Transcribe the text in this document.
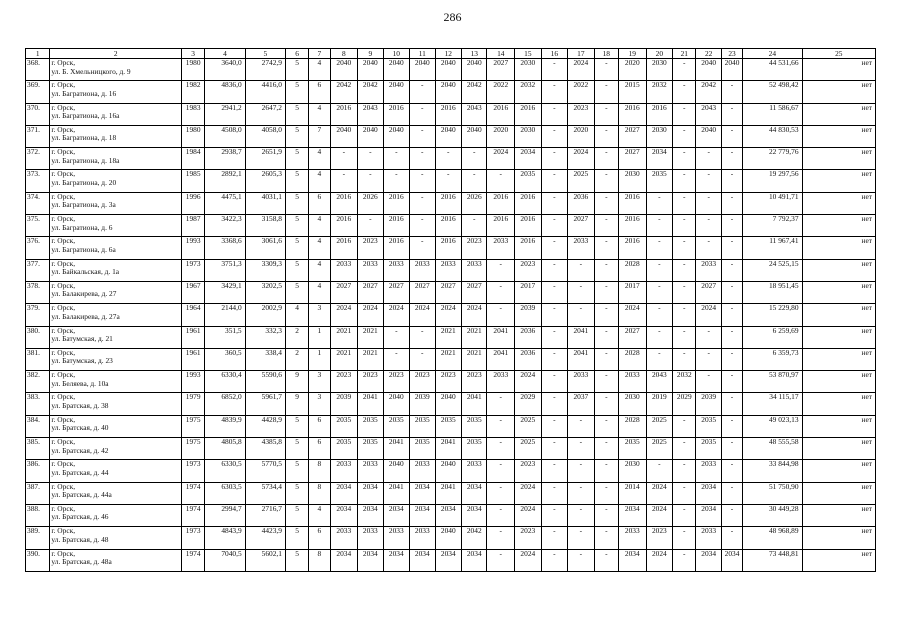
286
1	2	3	4	5	6	7	8	9	10	11	12	13	14	15	16	17	18	19	20	21	22	23	24	25
368.	г. Орск,
ул. Б. Хмельницкого, д. 9	1980	3640,0	2742,9	5	4	2040	2040	2040	2040	2040	2040	2027	2030	-	2024	-	2020	2030	-	2040	2040	44 531,66	нет
369.	г. Орск,
ул. Багратиона, д. 16	1982	4836,0	4416,0	5	6	2042	2042	2040	-	2040	2042	2022	2032	-	2022	-	2015	2032	-	2042	-	52 498,42	нет
370.	г. Орск,
ул. Багратиона, д. 16а	1983	2941,2	2647,2	5	4	2016	2043	2016	-	2016	2043	2016	2016	-	2023	-	2016	2016	-	2043	-	11 586,67	нет
371.	г. Орск,
ул. Багратиона, д. 18	1980	4508,0	4058,0	5	7	2040	2040	2040	-	2040	2040	2020	2030	-	2020	-	2027	2030	-	2040	-	44 830,53	нет
372.	г. Орск,
ул. Багратиона, д. 18а	1984	2938,7	2651,9	5	4	-	-	-	-	-	-	2024	2034	-	2024	-	2027	2034	-	-	-	22 779,76	нет
373.	г. Орск,
ул. Багратиона, д. 20	1985	2892,1	2605,3	5	4	-	-	-	-	-	-	-	2035	-	2025	-	2030	2035	-	-	-	19 297,56	нет
374.	г. Орск,
ул. Багратиона, д. 3а	1996	4475,1	4031,1	5	6	2016	2026	2016	-	2016	2026	2016	2016	-	2036	-	2016	-	-	-	-	10 491,71	нет
375.	г. Орск,
ул. Багратиона, д. 6	1987	3422,3	3158,8	5	4	2016	-	2016	-	2016	-	2016	2016	-	2027	-	2016	-	-	-	-	7 792,37	нет
376.	г. Орск,
ул. Багратиона, д. 6а	1993	3368,6	3061,6	5	4	2016	2023	2016	-	2016	2023	2033	2016	-	2033	-	2016	-	-	-	-	11 967,41	нет
377.	г. Орск,
ул. Байкальская, д. 1а	1973	3751,3	3309,3	5	4	2033	2033	2033	2033	2033	2033	-	2023	-	-	-	2028	-	-	2033	-	24 525,15	нет
378.	г. Орск,
ул. Балакирева, д. 27	1967	3429,1	3202,5	5	4	2027	2027	2027	2027	2027	2027	-	2017	-	-	-	2017	-	-	2027	-	18 951,45	нет
379.	г. Орск,
ул. Балакирева, д. 27а	1964	2144,0	2002,9	4	3	2024	2024	2024	2024	2024	2024	-	2039	-	-	-	2024	-	-	2024	-	15 229,80	нет
380.	г. Орск,
ул. Батумская, д. 21	1961	351,5	332,3	2	1	2021	2021	-	-	2021	2021	2041	2036	-	2041	-	2027	-	-	-	-	6 259,69	нет
381.	г. Орск,
ул. Батумская, д. 23	1961	360,5	338,4	2	1	2021	2021	-	-	2021	2021	2041	2036	-	2041	-	2028	-	-	-	-	6 359,73	нет
382.	г. Орск,
ул. Беляева, д. 10а	1993	6330,4	5590,6	9	3	2023	2023	2023	2023	2023	2023	2033	2024	-	2033	-	2033	2043	2032	-	-	53 870,97	нет
383.	г. Орск,
ул. Братская, д. 38	1979	6852,0	5961,7	9	3	2039	2041	2040	2039	2040	2041	-	2029	-	2037	-	2030	2019	2029	2039	-	34 115,17	нет
384.	г. Орск,
ул. Братская, д. 40	1975	4839,9	4428,9	5	6	2035	2035	2035	2035	2035	2035	-	2025	-	-	-	2028	2025	-	2035	-	49 023,13	нет
385.	г. Орск,
ул. Братская, д. 42	1975	4805,8	4385,8	5	6	2035	2035	2041	2035	2041	2035	-	2025	-	-	-	2035	2025	-	2035	-	48 555,58	нет
386.	г. Орск,
ул. Братская, д. 44	1973	6330,5	5770,5	5	8	2033	2033	2040	2033	2040	2033	-	2023	-	-	-	2030	-	-	2033	-	33 844,98	нет
387.	г. Орск,
ул. Братская, д. 44а	1974	6303,5	5734,4	5	8	2034	2034	2041	2034	2041	2034	-	2024	-	-	-	2014	2024	-	2034	-	51 750,90	нет
388.	г. Орск,
ул. Братская, д. 46	1974	2994,7	2716,7	5	4	2034	2034	2034	2034	2034	2034	-	2024	-	-	-	2034	2024	-	2034	-	30 449,28	нет
389.	г. Орск,
ул. Братская, д. 48	1973	4843,9	4423,9	5	6	2033	2033	2033	2033	2040	2042	-	2023	-	-	-	2033	2023	-	2033	-	48 968,89	нет
390.	г. Орск,
ул. Братская, д. 48а	1974	7040,5	5602,1	5	8	2034	2034	2034	2034	2034	2034	-	2024	-	-	-	2034	2024	-	2034	2034	73 448,81	нет
